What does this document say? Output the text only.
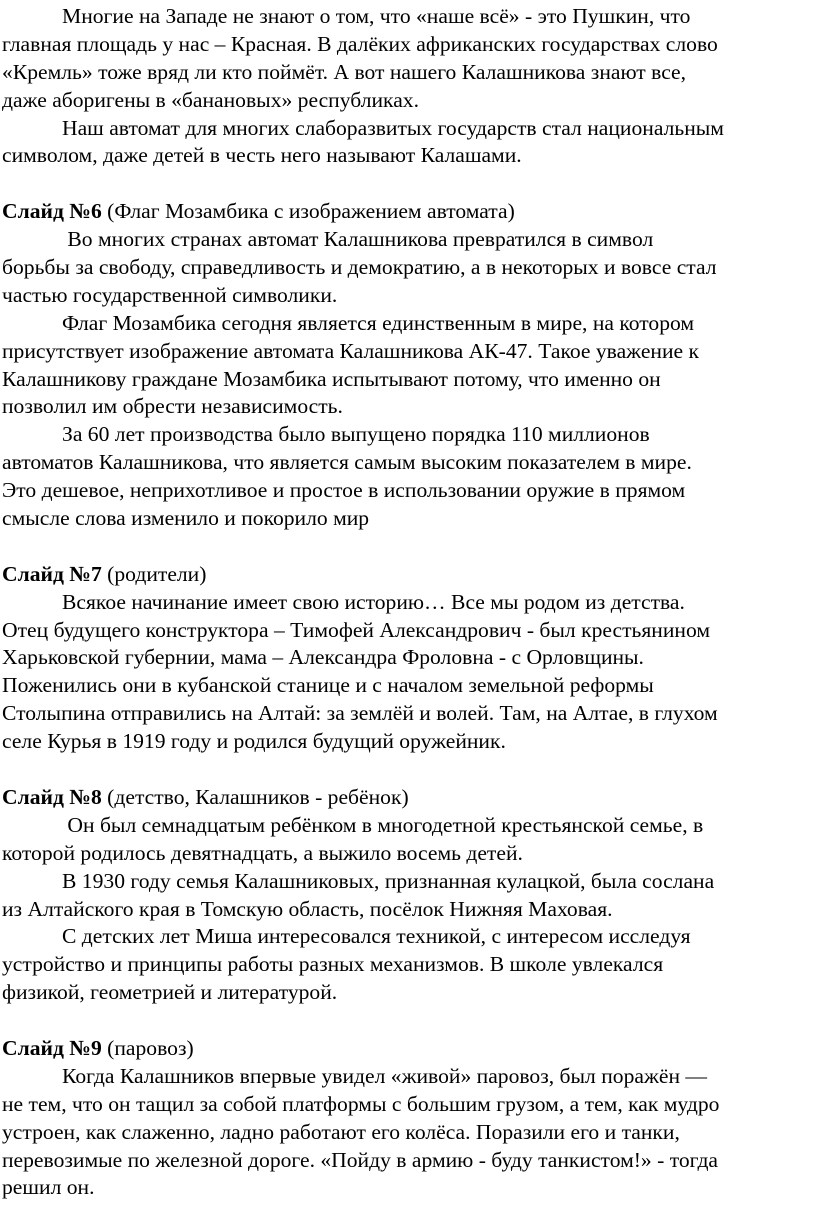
Многие на Западе не знают о том, что «наше всё» - это Пушкин, что
главная площадь у нас – Красная. В далёких африканских государствах слово
«Кремль» тоже вряд ли кто поймёт. А вот нашего Калашникова знают все,
даже аборигены в «банановых» республиках.
Наш автомат для многих слаборазвитых государств стал национальным
символом, даже детей в честь него называют Калашами.
Слайд №6 (Флаг Мозамбика с изображением автомата)
Во многих странах автомат Калашникова превратился в символ
борьбы за свободу, справедливость и демократию, а в некоторых и вовсе стал
частью государственной символики.
Флаг Мозамбика сегодня является единственным в мире, на котором
присутствует изображение автомата Калашникова АК-47. Такое уважение к
Калашникову граждане Мозамбика испытывают потому, что именно он
позволил им обрести независимость.
За 60 лет производства было выпущено порядка 110 миллионов
автоматов Калашникова, что является самым высоким показателем в мире.
Это дешевое, неприхотливое и простое в использовании оружие в прямом
смысле слова изменило и покорило мир
Слайд №7 (родители)
Всякое начинание имеет свою историю… Все мы родом из детства.
Отец будущего конструктора – Тимофей Александрович - был крестьянином
Харьковской губернии, мама – Александра Фроловна - с Орловщины.
Поженились они в кубанской станице и с началом земельной реформы
Столыпина отправились на Алтай: за землёй и волей. Там, на Алтае, в глухом
селе Курья в 1919 году и родился будущий оружейник.
Слайд №8 (детство, Калашников - ребёнок)
Он был семнадцатым ребёнком в многодетной крестьянской семье, в
которой родилось девятнадцать, а выжило восемь детей.
В 1930 году семья Калашниковых, признанная кулацкой, была сослана
из Алтайского края в Томскую область, посёлок Нижняя Маховая.
С детских лет Миша интересовался техникой, с интересом исследуя
устройство и принципы работы разных механизмов. В школе увлекался
физикой, геометрией и литературой.
Слайд №9 (паровоз)
Когда Калашников впервые увидел «живой» паровоз, был поражён —
не тем, что он тащил за собой платформы с большим грузом, а тем, как мудро
устроен, как слаженно, ладно работают его колёса. Поразили его и танки,
перевозимые по железной дороге. «Пойду в армию - буду танкистом!» - тогда
решил он.
